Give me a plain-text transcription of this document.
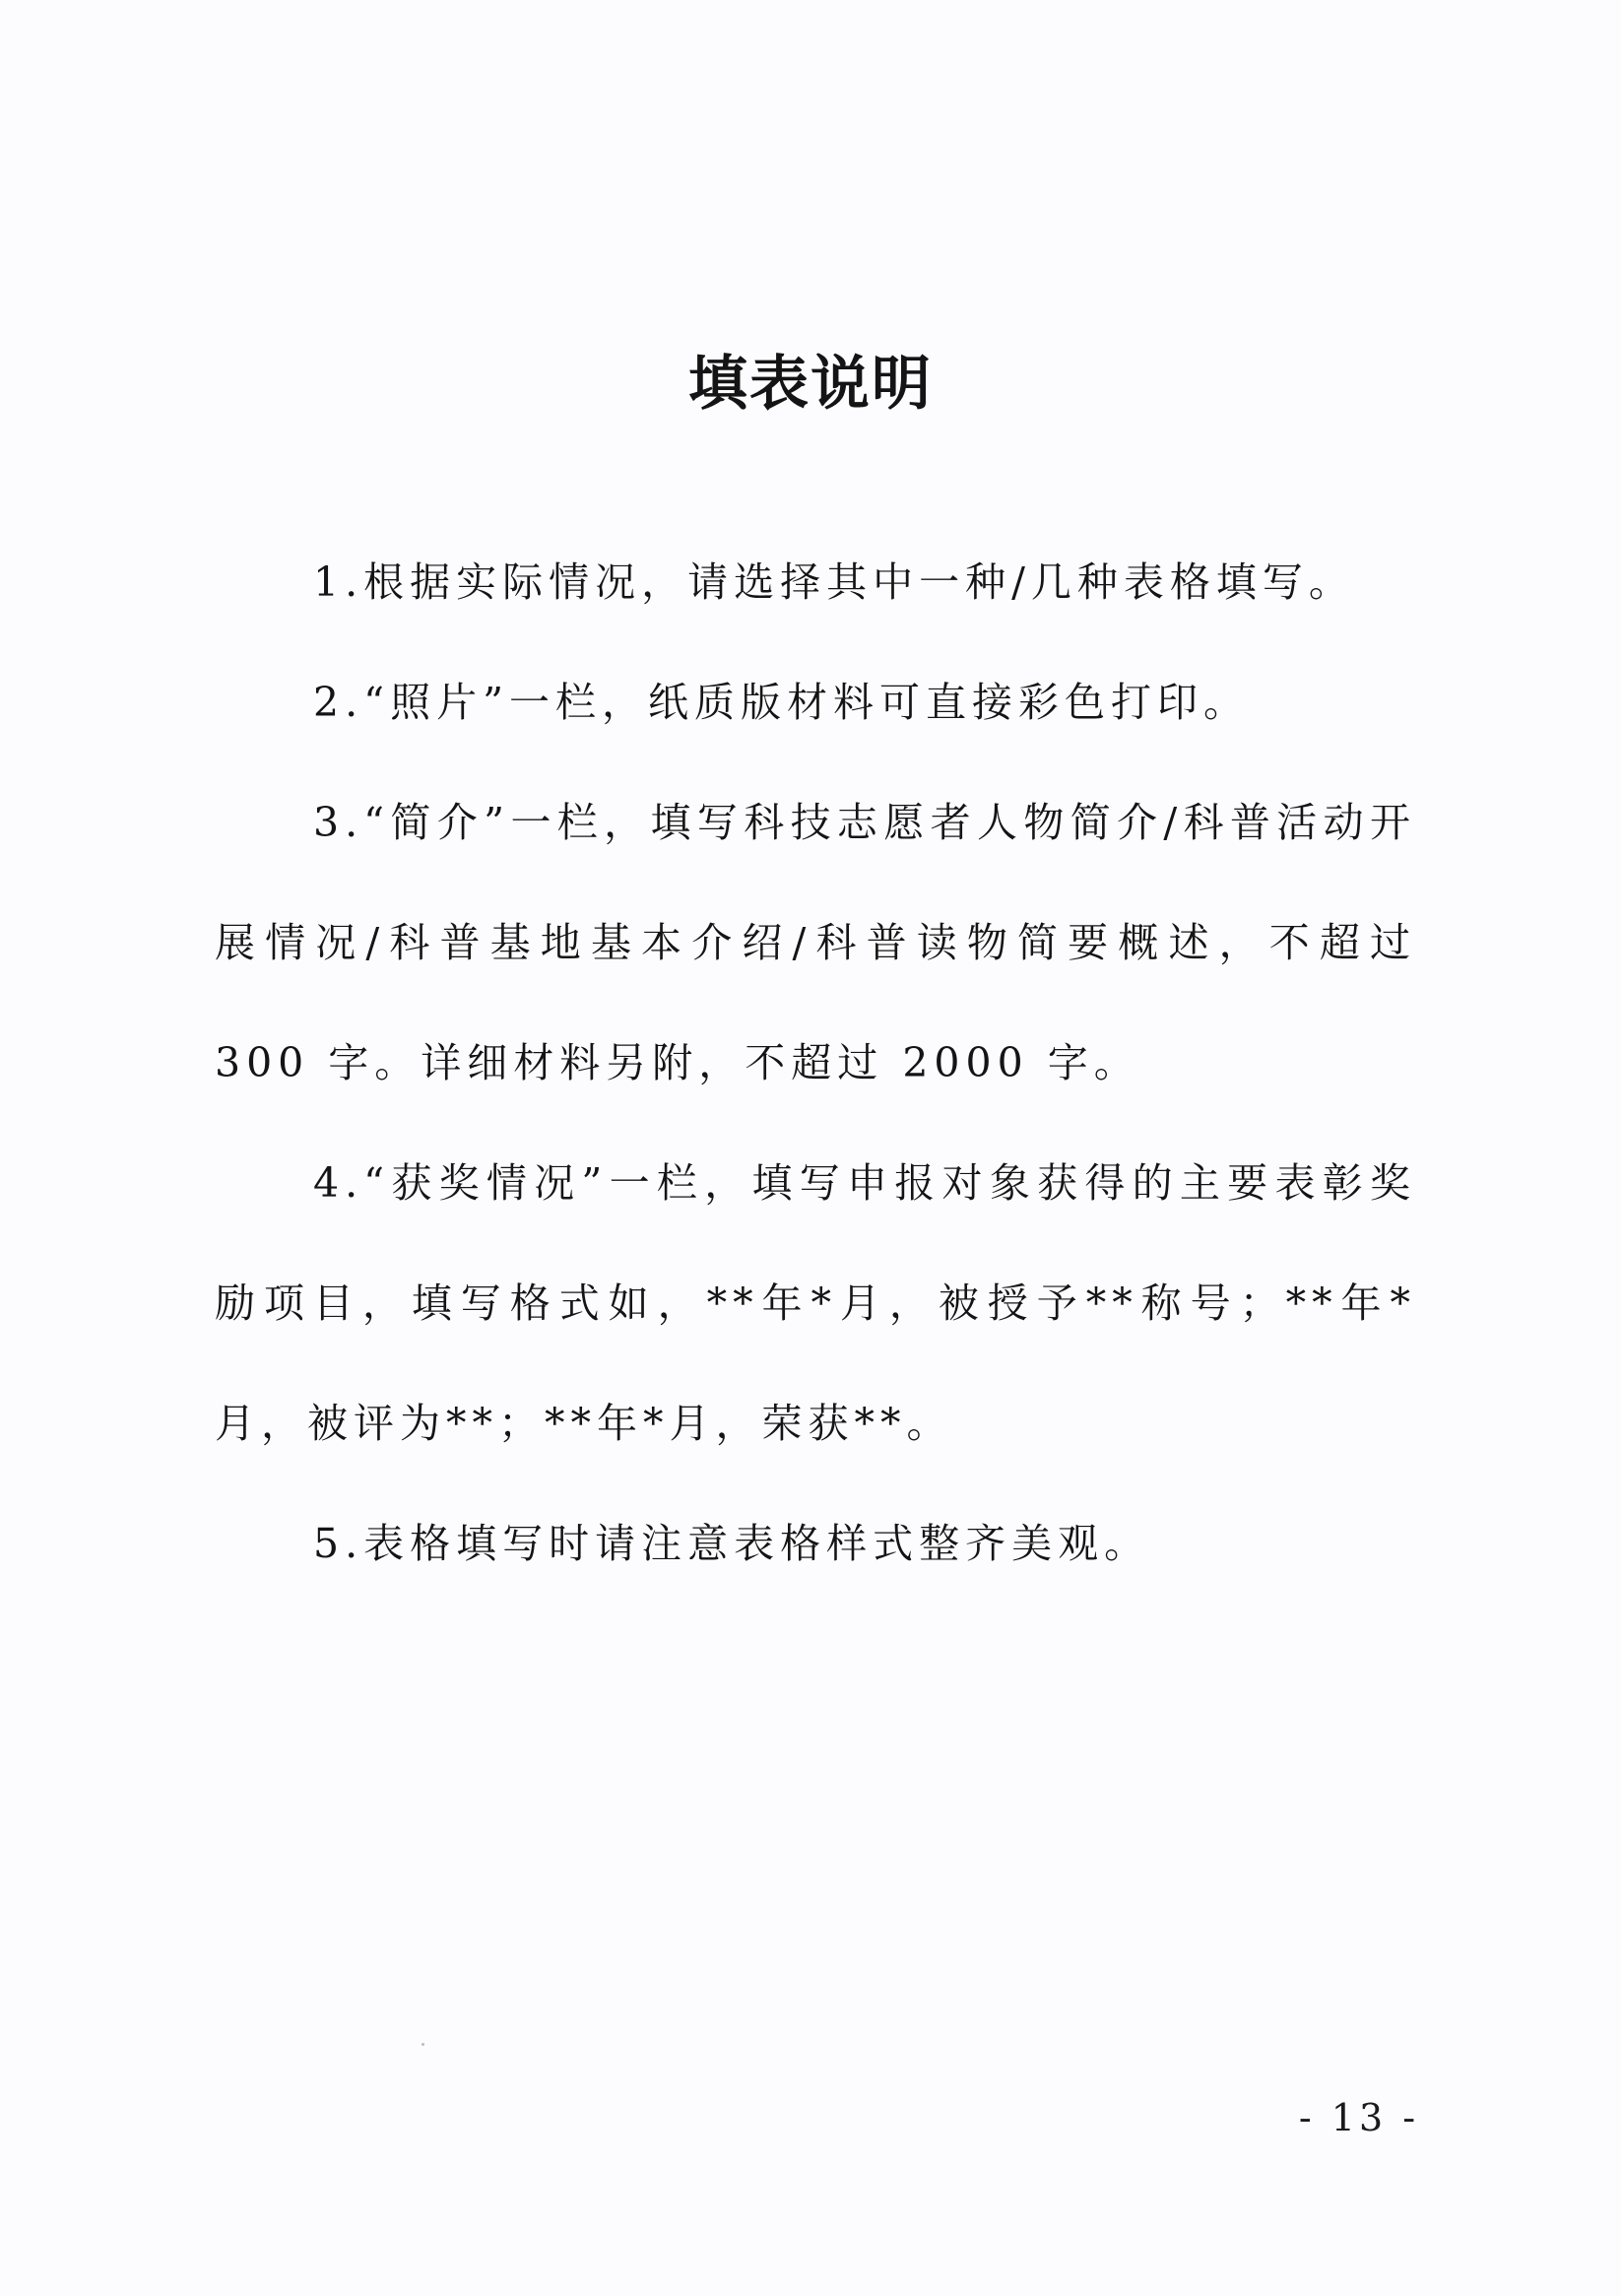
填表说明

1.根据实际情况，请选择其中一种/几种表格填写。

2.“照片”一栏，纸质版材料可直接彩色打印。

3.“简介”一栏，填写科技志愿者人物简介/科普活动开展情况/科普基地基本介绍/科普读物简要概述，不超过 300 字。详细材料另附，不超过 2000 字。

4.“获奖情况”一栏，填写申报对象获得的主要表彰奖励项目，填写格式如，**年*月，被授予**称号；**年*月，被评为**；**年*月，荣获**。

5.表格填写时请注意表格样式整齐美观。

- 13 -
